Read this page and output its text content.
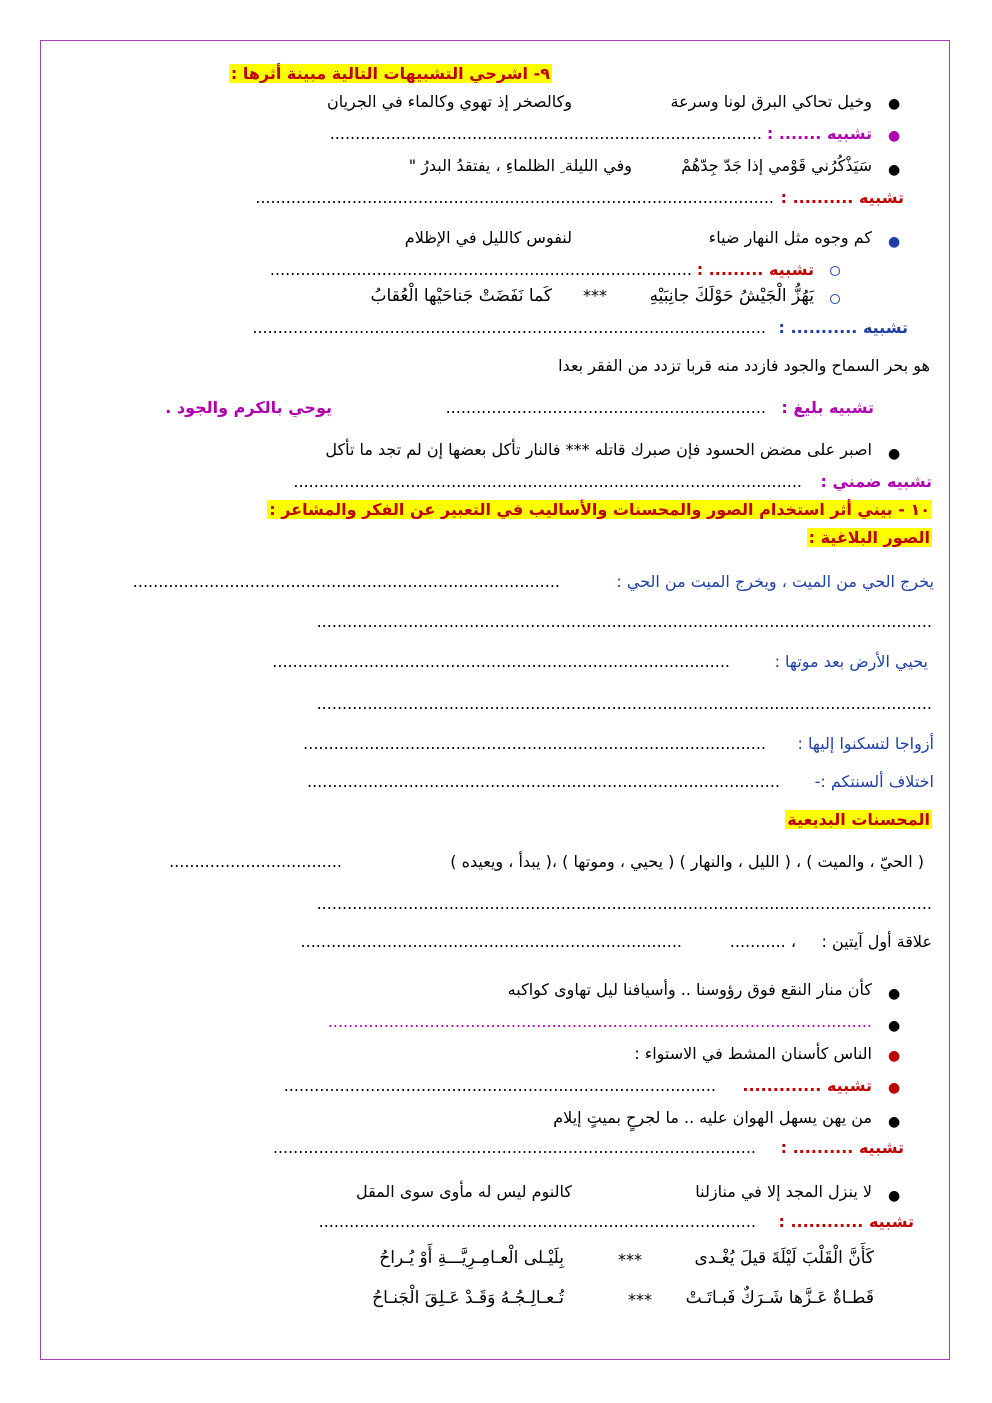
٩- اشرحي التشبيهات التالية مبينة أثرها :
●
وخيل تحاكي البرق لونا وسرعة
وكالصخر إذ تهوي وكالماء في الجريان
●
تشبيه ....... :
.....................................................................................
●
سَيَذْكُرُني قَوْمي إذا جَدّ جِدّهُمْ
وفي الليلة ِ الظلماءِ ، يفتقدُ البدرُ "
تشبيه .......... :
......................................................................................................
●
كم وجوه مثل النهار ضياء
لنفوس كالليل في الإظلام
تشبيه ......... :
...................................................................................
يَهُزُّ الْجَيْشُ حَوْلَكَ جانِبَيْهِ
***
كَما نَفَضَتْ جَناحَيْها الْعُقابُ
تشبيه ........... :
.....................................................................................................
هو بحر السماح والجود فازدد منه قربا تزدد من الفقر بعدا
تشبيه بليغ :
...............................................................
يوحي بالكرم والجود .
●
اصبر على مضض الحسود فإن صبرك قاتله *** فالنار تأكل بعضها إن لم تجد ما تأكل
تشبيه ضمني :
....................................................................................................
١٠ - بيني أثر استخدام الصور والمحسنات والأساليب في التعبير عن الفكر والمشاعر :
الصور البلاغية :
يخرج الحي من الميت ، ويخرج الميت من الحي :
....................................................................................
.........................................................................................................................
يحيي الأرض بعد موتها :
..........................................................................................
.........................................................................................................................
أزواجا لتسكنوا إليها :
...........................................................................................
اختلاف ألسنتكم :-
.............................................................................................
المحسنات البديعية
( الحيّ ، والميت ) ، ( الليل ، والنهار ) ( يحيي ، وموتها ) ،( يبدأ ، ويعيده )
..................................
.........................................................................................................................
علاقة أول آيتين :
........... ،
...........................................................................
●
كأن منار النقع فوق رؤوسنا .. وأسيافنا ليل تهاوى كواكبه
●
...........................................................................................................
●
الناس كأسنان المشط في الاستواء :
●
تشبيه .............
.....................................................................................
●
من يهن يسهل الهوان عليه .. ما لجرحٍ بميتٍ إيلام
تشبيه .......... :
...............................................................................................
●
لا ينزل المجد إلا في منازلنا
كالنوم ليس له مأوى سوى المقل
تشبيه ............ :
......................................................................................
كَأَنَّ الْقَلْبَ لَيْلَةَ قيلَ يُغْـدى
***
بِلَيْـلى الْعـامِـرِيَّـــةِ أَوْ يُـراحُ
قَطـاةٌ عَـزَّها شَـرَكٌ فَبـاتَـتْ
***
تُـعـالِـجُـهُ وَقَـدْ عَـلِقَ الْجَنـاحُ
